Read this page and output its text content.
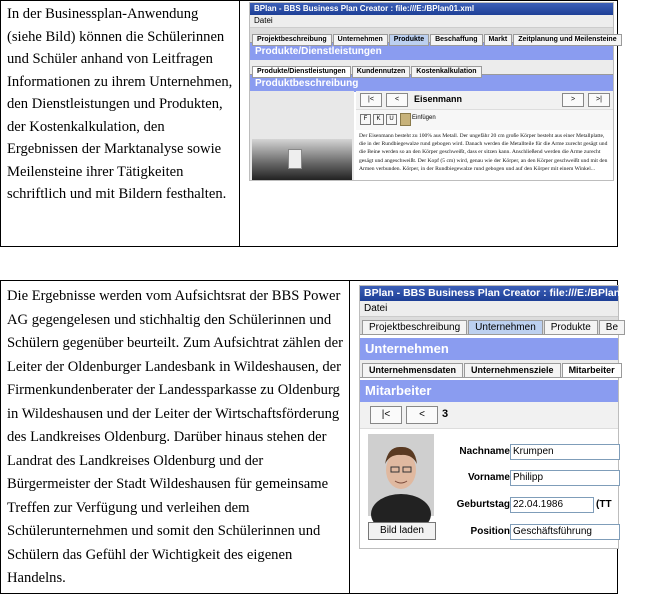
In der Businessplan-Anwendung (siehe Bild) können die Schülerinnen und Schüler anhand von Leitfragen Informationen zu ihrem Unternehmen, den Dienstleistungen und Produkten, der Kostenkalkulation, den Ergebnissen der Marktanalyse sowie Meilensteine ihrer Tätigkeiten schriftlich und mit Bildern festhalten.

BPlan - BBS Business Plan Creator : file:///E:/BPlan01.xml
Datei
Projektbeschreibung Unternehmen Produkte Beschaffung Markt Zeitplanung und Meilensteine
Produkte/Dienstleistungen
Produkte/Dienstleistungen Kundennutzen Kostenkalkulation
Produktbeschreibung
|<	<	Eisenmann	>	>|
F	K	U	Einfügen
Der Eisenmann besteht zu 100% aus Metall. Der ungefähr 20 cm große Körper besteht aus einer Metallplatte, die in der Rundbiegewalze rund gebogen wird. Danach werden die Metallteile für die Arme zurecht gesägt und die Beine werden so an den Körper geschweißt, dass er sitzen kann. Anschließend werden die Arme zurecht gesägt und angeschweißt. Der Kopf (5 cm) wird, genau wie der Körper, an den Körper geschweißt und mit den Armen verbunden. Körper, in der Rundbiegewalze rund gebogen und auf den Körper mit einem Winkel...

Die Ergebnisse werden vom Aufsichtsrat der BBS Power AG gegengelesen und stichhaltig den Schülerinnen und Schülern gegenüber beurteilt. Zum Aufsichtrat zählen der Leiter der Oldenburger Landesbank in Wildeshausen, der Firmenkundenberater der Landessparkasse zu Oldenburg in Wildeshausen und der Leiter der Wirtschaftsförderung des Landkreises Oldenburg. Darüber hinaus stehen der Landrat des Landkreises Oldenburg und der Bürgermeister der Stadt Wildeshausen für gemeinsame Treffen zur Verfügung und verleihen dem Schülerunternehmen und somit den Schülerinnen und Schülern das Gefühl der Wichtigkeit des eigenen Handelns.

BPlan - BBS Business Plan Creator : file:///E:/BPlan01.xml
Datei
Projektbeschreibung Unternehmen Produkte Be
Unternehmen
Unternehmensdaten Unternehmensziele Mitarbeiter
Mitarbeiter
|<	<	3
Bild laden
Nachname Krumpen
Vorname Philipp
Geburtstag 22.04.1986	(TT
Position Geschäftsführung
